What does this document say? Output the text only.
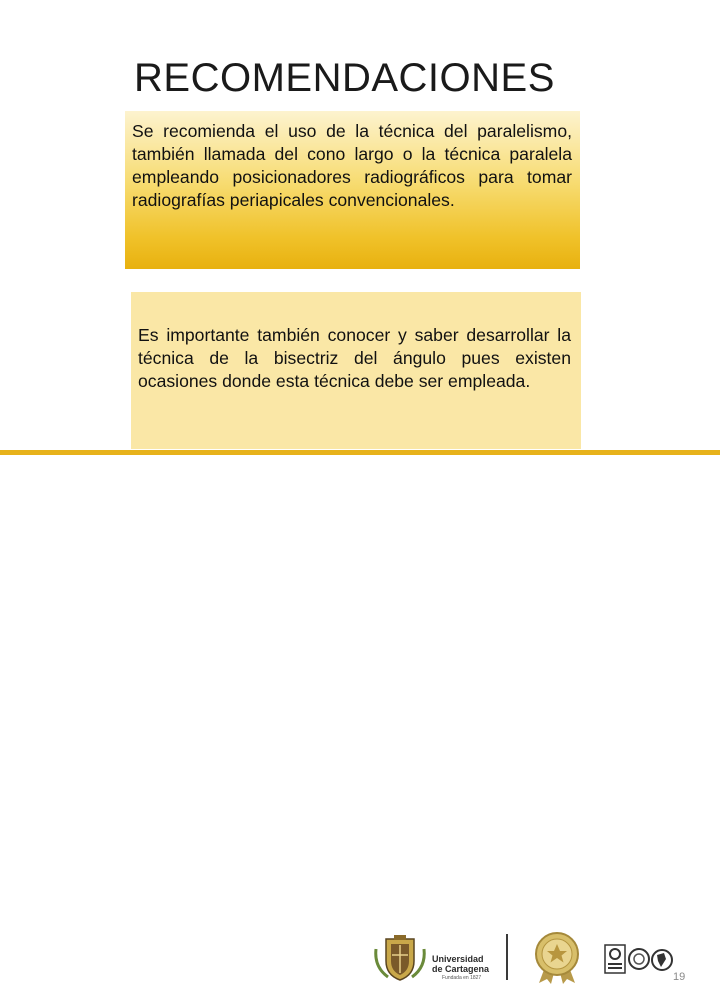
RECOMENDACIONES
Se recomienda el uso de la técnica del paralelismo, también llamada del cono largo o la técnica paralela empleando posicionadores radiográficos para tomar radiografías periapicales convencionales.
Es importante también conocer y saber desarrollar la técnica de la bisectriz del ángulo pues existen ocasiones donde esta técnica debe ser empleada.
Universidad
de Cartagena
Fundada en 1827	19
